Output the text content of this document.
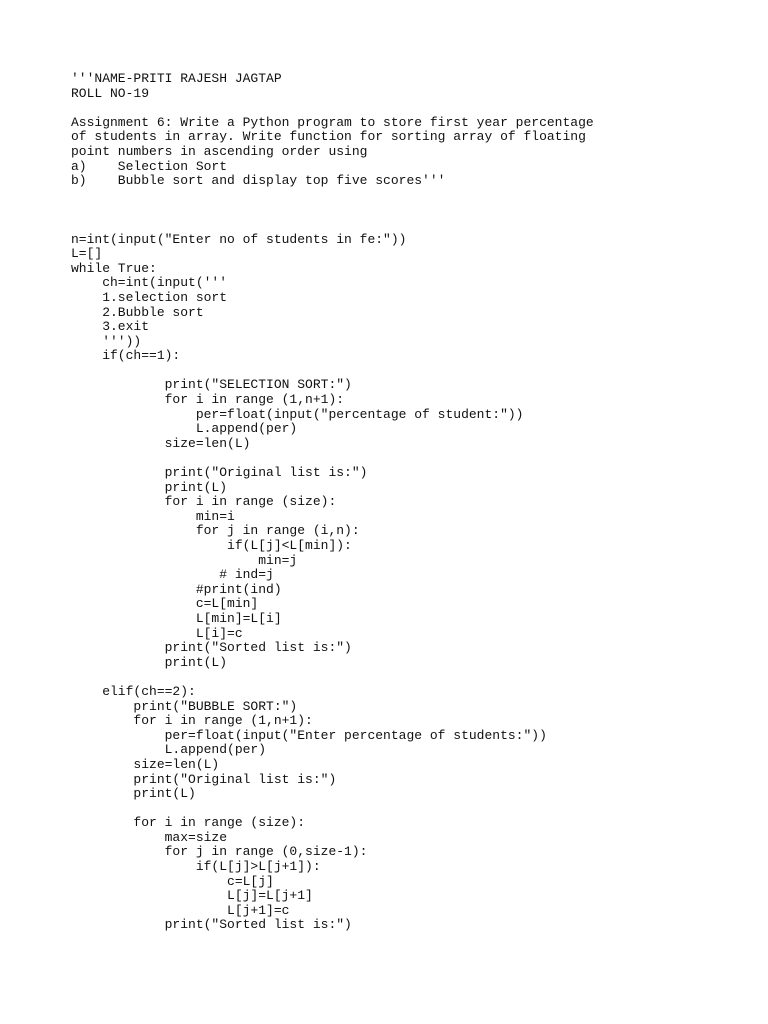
'''NAME-PRITI RAJESH JAGTAP
ROLL NO-19
Assignment 6: Write a Python program to store first year percentage
of students in array. Write function for sorting array of floating
point numbers in ascending order using
a)    Selection Sort
b)    Bubble sort and display top five scores'''
n=int(input("Enter no of students in fe:"))
L=[]
while True:
ch=int(input('''
1.selection sort
2.Bubble sort
3.exit
'''))
if(ch==1):
print("SELECTION SORT:")
for i in range (1,n+1):
per=float(input("percentage of student:"))
L.append(per)
size=len(L)
print("Original list is:")
print(L)
for i in range (size):
min=i
for j in range (i,n):
if(L[j]<L[min]):
min=j
# ind=j
#print(ind)
c=L[min]
L[min]=L[i]
L[i]=c
print("Sorted list is:")
print(L)
elif(ch==2):
print("BUBBLE SORT:")
for i in range (1,n+1):
per=float(input("Enter percentage of students:"))
L.append(per)
size=len(L)
print("Original list is:")
print(L)
for i in range (size):
max=size
for j in range (0,size-1):
if(L[j]>L[j+1]):
c=L[j]
L[j]=L[j+1]
L[j+1]=c
print("Sorted list is:")
